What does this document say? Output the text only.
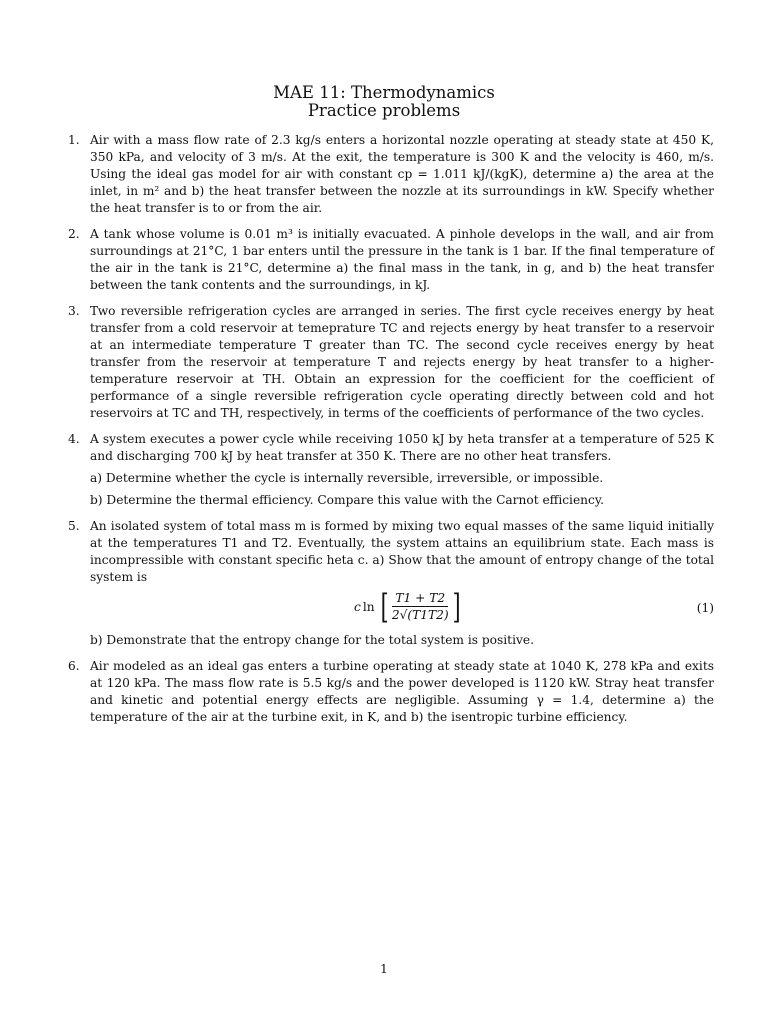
MAE 11: Thermodynamics
Practice problems
1. Air with a mass flow rate of 2.3 kg/s enters a horizontal nozzle operating at steady state at 450 K, 350 kPa, and velocity of 3 m/s. At the exit, the temperature is 300 K and the velocity is 460, m/s. Using the ideal gas model for air with constant cp = 1.011 kJ/(kgK), determine a) the area at the inlet, in m² and b) the heat transfer between the nozzle at its surroundings in kW. Specify whether the heat transfer is to or from the air.
2. A tank whose volume is 0.01 m³ is initially evacuated. A pinhole develops in the wall, and air from surroundings at 21°C, 1 bar enters until the pressure in the tank is 1 bar. If the final temperature of the air in the tank is 21°C, determine a) the final mass in the tank, in g, and b) the heat transfer between the tank contents and the surroundings, in kJ.
3. Two reversible refrigeration cycles are arranged in series. The first cycle receives energy by heat transfer from a cold reservoir at temeprature TC and rejects energy by heat transfer to a reservoir at an intermediate temperature T greater than TC. The second cycle receives energy by heat transfer from the reservoir at temperature T and rejects energy by heat transfer to a higher-temperature reservoir at TH. Obtain an expression for the coefficient for the coefficient of performance of a single reversible refrigeration cycle operating directly between cold and hot reservoirs at TC and TH, respectively, in terms of the coefficients of performance of the two cycles.
4. A system executes a power cycle while receiving 1050 kJ by heta transfer at a temperature of 525 K and discharging 700 kJ by heat transfer at 350 K. There are no other heat transfers.
a) Determine whether the cycle is internally reversible, irreversible, or impossible.
b) Determine the thermal efficiency. Compare this value with the Carnot efficiency.
5. An isolated system of total mass m is formed by mixing two equal masses of the same liquid initially at the temperatures T1 and T2. Eventually, the system attains an equilibrium state. Each mass is incompressible with constant specific heta c. a) Show that the amount of entropy change of the total system is
c ln [ $\frac{T1 + T2}{2√(T1T2)}$ ]	(1)
b) Demonstrate that the entropy change for the total system is positive.
6. Air modeled as an ideal gas enters a turbine operating at steady state at 1040 K, 278 kPa and exits at 120 kPa. The mass flow rate is 5.5 kg/s and the power developed is 1120 kW. Stray heat transfer and kinetic and potential energy effects are negligible. Assuming γ = 1.4, determine a) the temperature of the air at the turbine exit, in K, and b) the isentropic turbine efficiency.
1
